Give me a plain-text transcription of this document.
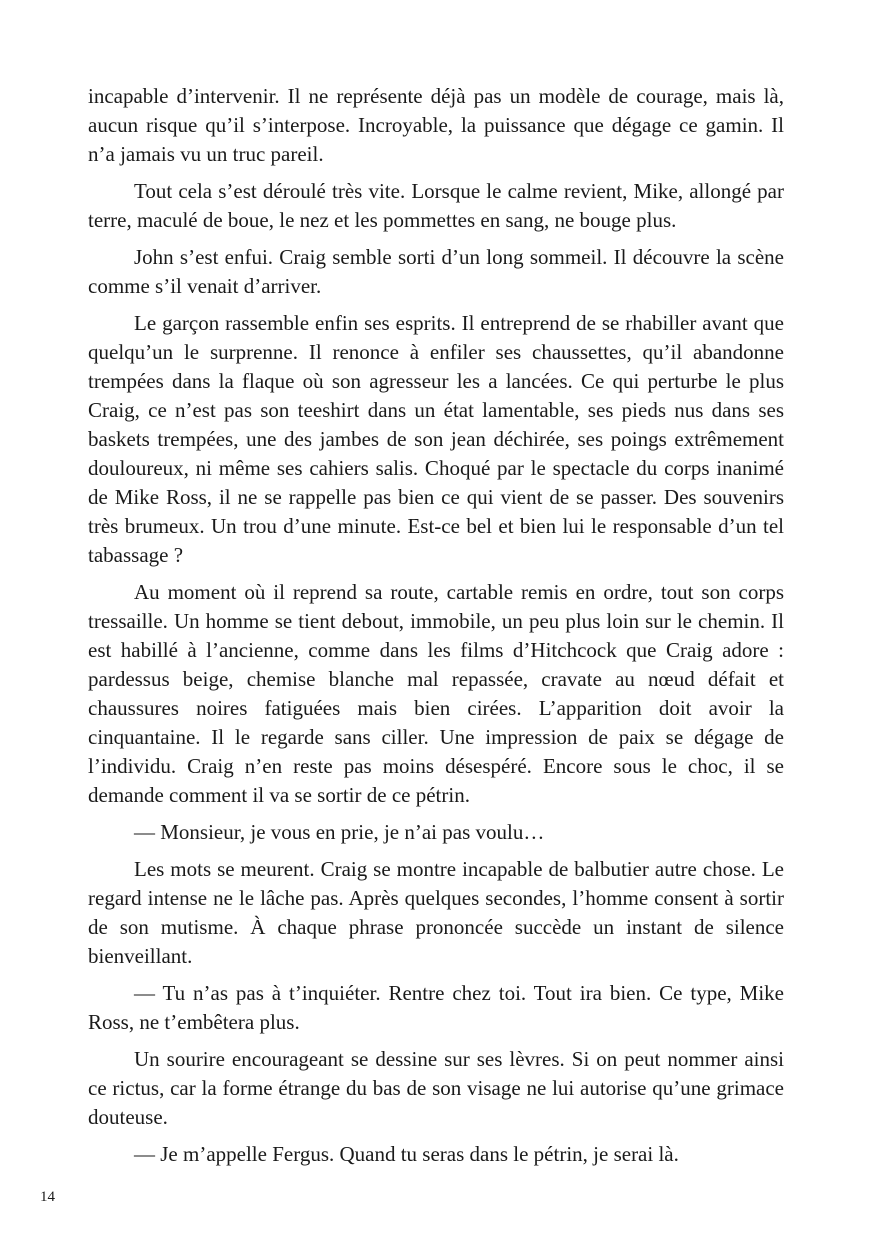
incapable d’intervenir. Il ne représente déjà pas un modèle de courage, mais là, aucun risque qu’il s’interpose. Incroyable, la puissance que dégage ce gamin. Il n’a jamais vu un truc pareil.

Tout cela s’est déroulé très vite. Lorsque le calme revient, Mike, allongé par terre, maculé de boue, le nez et les pommettes en sang, ne bouge plus.

John s’est enfui. Craig semble sorti d’un long sommeil. Il découvre la scène comme s’il venait d’arriver.

Le garçon rassemble enfin ses esprits. Il entreprend de se rhabiller avant que quelqu’un le surprenne. Il renonce à enfiler ses chaussettes, qu’il abandonne trempées dans la flaque où son agresseur les a lancées. Ce qui perturbe le plus Craig, ce n’est pas son teeshirt dans un état lamentable, ses pieds nus dans ses baskets trempées, une des jambes de son jean déchirée, ses poings extrêmement douloureux, ni même ses cahiers salis. Choqué par le spectacle du corps inanimé de Mike Ross, il ne se rappelle pas bien ce qui vient de se passer. Des souvenirs très brumeux. Un trou d’une minute. Est-ce bel et bien lui le responsable d’un tel tabassage ?

Au moment où il reprend sa route, cartable remis en ordre, tout son corps tressaille. Un homme se tient debout, immobile, un peu plus loin sur le chemin. Il est habillé à l’ancienne, comme dans les films d’Hitchcock que Craig adore : pardessus beige, chemise blanche mal repassée, cravate au nœud défait et chaussures noires fatiguées mais bien cirées. L’apparition doit avoir la cinquantaine. Il le regarde sans ciller. Une impression de paix se dégage de l’individu. Craig n’en reste pas moins désespéré. Encore sous le choc, il se demande comment il va se sortir de ce pétrin.

— Monsieur, je vous en prie, je n’ai pas voulu…

Les mots se meurent. Craig se montre incapable de balbutier autre chose. Le regard intense ne le lâche pas. Après quelques secondes, l’homme consent à sortir de son mutisme. À chaque phrase prononcée succède un instant de silence bienveillant.

— Tu n’as pas à t’inquiéter. Rentre chez toi. Tout ira bien. Ce type, Mike Ross, ne t’embêtera plus.

Un sourire encourageant se dessine sur ses lèvres. Si on peut nommer ainsi ce rictus, car la forme étrange du bas de son visage ne lui autorise qu’une grimace douteuse.

— Je m’appelle Fergus. Quand tu seras dans le pétrin, je serai là.

14
